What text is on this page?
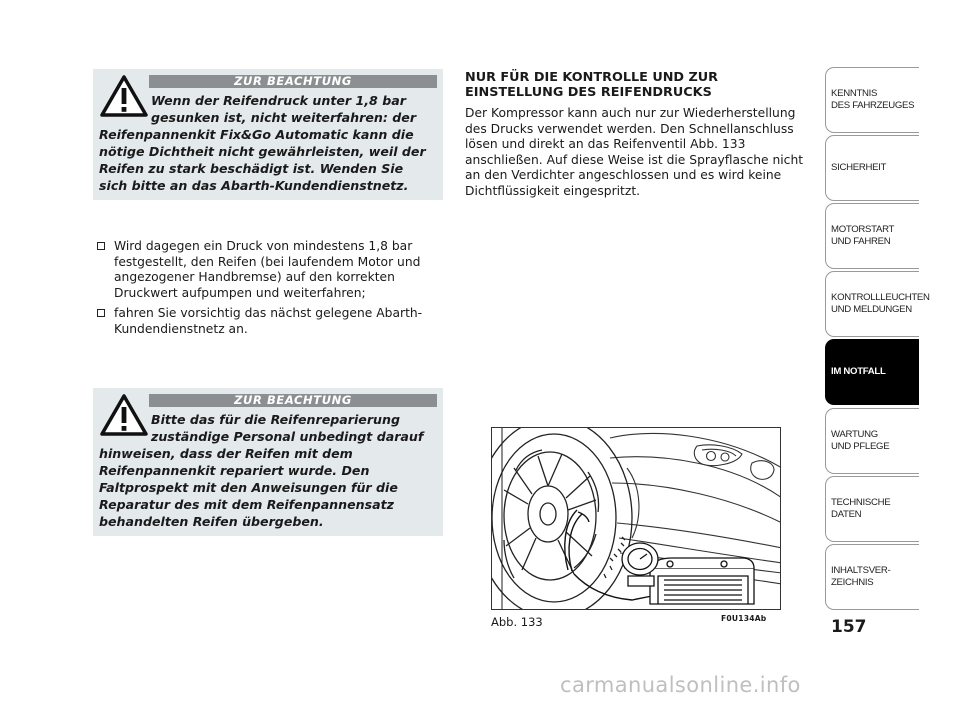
ZUR BEACHTUNG
Wenn der Reifendruck unter 1,8 bar gesunken ist, nicht weiterfahren: der
Reifenpannenkit Fix&Go Automatic kann die nötige Dichtheit nicht gewährleisten, weil der Reifen zu stark beschädigt ist. Wenden Sie sich bitte an das Abarth-Kundendienstnetz.
Wird dagegen ein Druck von mindestens 1,8 bar festgestellt, den Reifen (bei laufendem Motor und angezogener Handbremse) auf den korrekten Druckwert aufpumpen und weiterfahren;
fahren Sie vorsichtig das nächst gelegene Abarth-Kundendienstnetz an.
ZUR BEACHTUNG
Bitte das für die Reifenreparierung zuständige Personal unbedingt darauf
hinweisen, dass der Reifen mit dem Reifenpannenkit repariert wurde. Den Faltprospekt mit den Anweisungen für die Reparatur des mit dem Reifenpannensatz behandelten Reifen übergeben.
NUR FÜR DIE KONTROLLE UND ZUR EINSTELLUNG DES REIFENDRUCKS

Der Kompressor kann auch nur zur Wiederherstellung des Drucks verwendet werden. Den Schnellanschluss lösen und direkt an das Reifenventil Abb. 133 anschließen. Auf diese Weise ist die Sprayflasche nicht an den Verdichter angeschlossen und es wird keine Dichtflüssigkeit eingespritzt.

Abb. 133	F0U134Ab
KENNTNIS
DES FAHRZEUGES
SICHERHEIT
MOTORSTART
UND FAHREN
KONTROLLLEUCHTEN
UND MELDUNGEN
IM NOTFALL
WARTUNG
UND PFLEGE
TECHNISCHE
DATEN
INHALTSVER-
ZEICHNIS
157
carmanualsonline.info
